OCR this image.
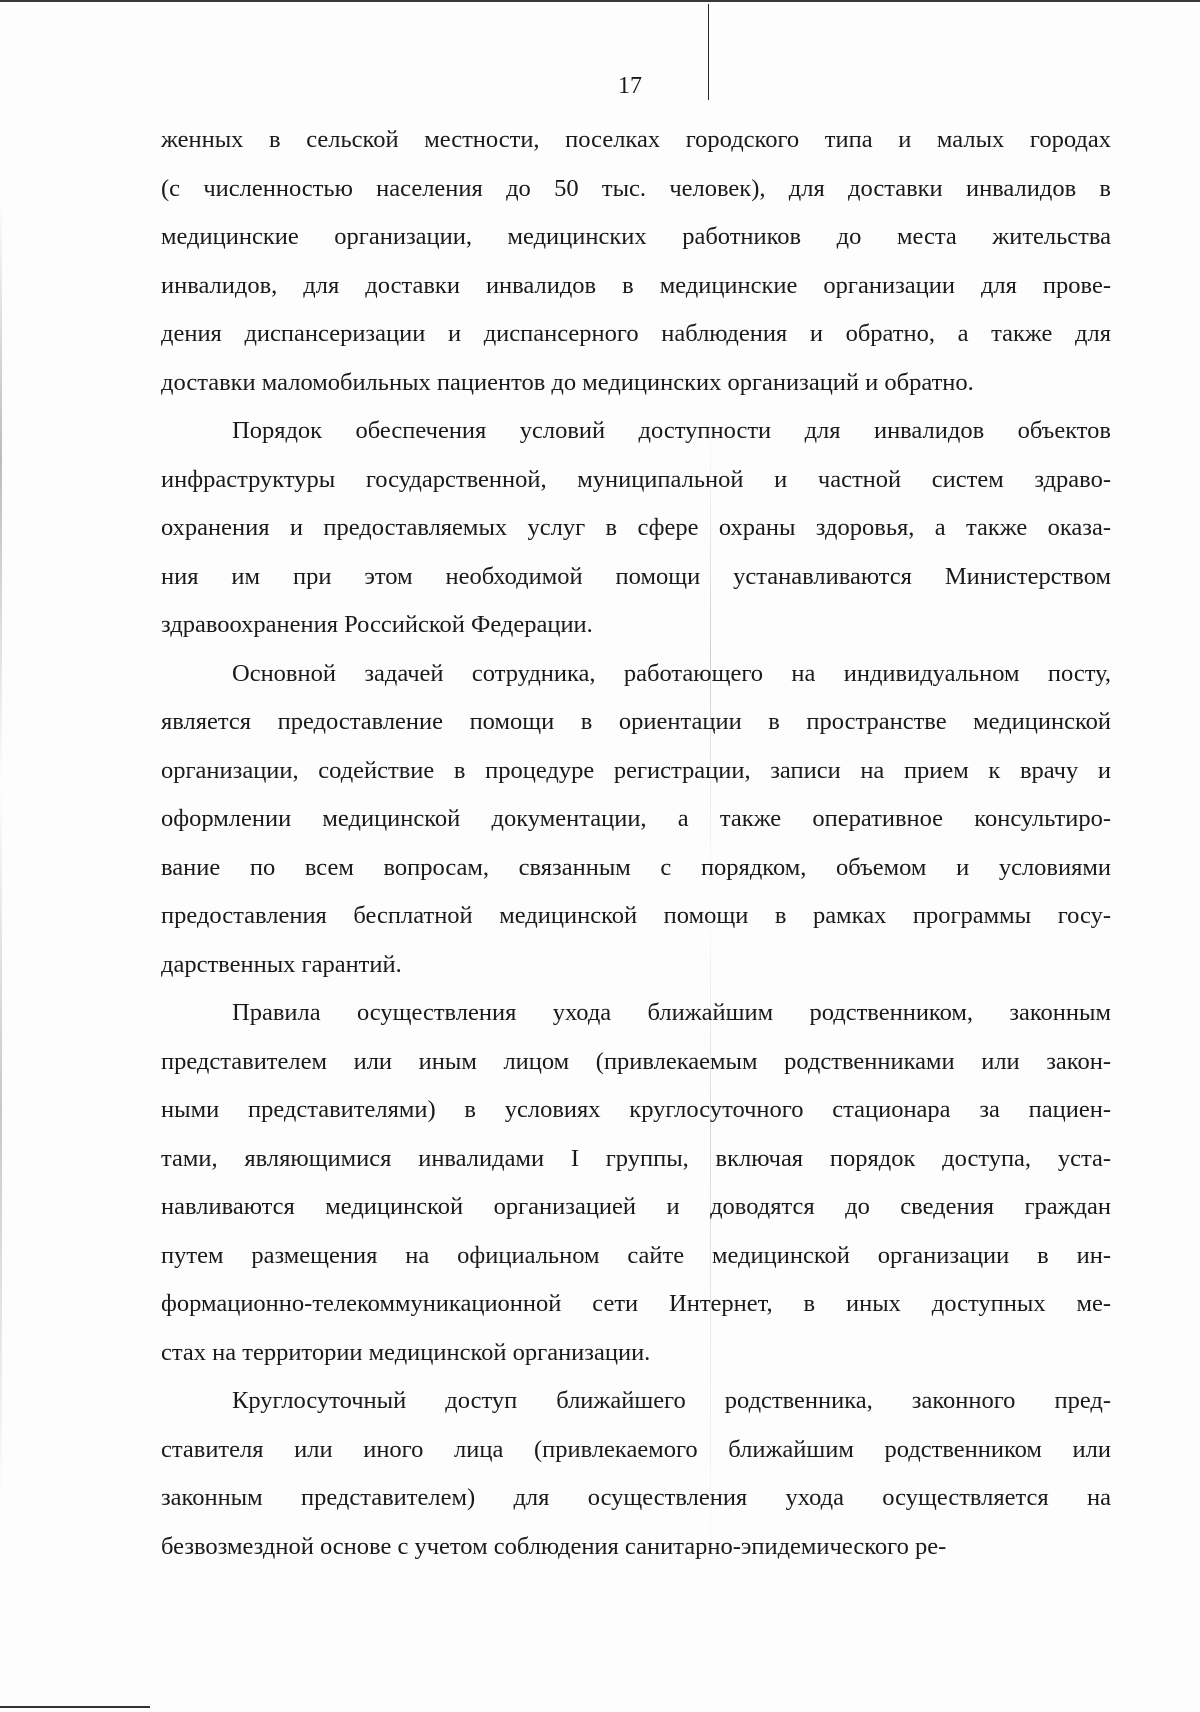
17
женных в сельской местности, поселках городского типа и малых городах
(с численностью населения до 50 тыс. человек), для доставки инвалидов в
медицинские организации, медицинских работников до места жительства
инвалидов, для доставки инвалидов в медицинские организации для прове-
дения диспансеризации и диспансерного наблюдения и обратно, а также для
доставки маломобильных пациентов до медицинских организаций и обратно.
Порядок обеспечения условий доступности для инвалидов объектов
инфраструктуры государственной, муниципальной и частной систем здраво-
охранения и предоставляемых услуг в сфере охраны здоровья, а также оказа-
ния им при этом необходимой помощи устанавливаются Министерством
здравоохранения Российской Федерации.
Основной задачей сотрудника, работающего на индивидуальном посту,
является предоставление помощи в ориентации в пространстве медицинской
организации, содействие в процедуре регистрации, записи на прием к врачу и
оформлении медицинской документации, а также оперативное консультиро-
вание по всем вопросам, связанным с порядком, объемом и условиями
предоставления бесплатной медицинской помощи в рамках программы госу-
дарственных гарантий.
Правила осуществления ухода ближайшим родственником, законным
представителем или иным лицом (привлекаемым родственниками или закон-
ными представителями) в условиях круглосуточного стационара за пациен-
тами, являющимися инвалидами I группы, включая порядок доступа, уста-
навливаются медицинской организацией и доводятся до сведения граждан
путем размещения на официальном сайте медицинской организации в ин-
формационно-телекоммуникационной сети Интернет, в иных доступных ме-
стах на территории медицинской организации.
Круглосуточный доступ ближайшего родственника, законного пред-
ставителя или иного лица (привлекаемого ближайшим родственником или
законным представителем) для осуществления ухода осуществляется на
безвозмездной основе с учетом соблюдения санитарно-эпидемического ре-
